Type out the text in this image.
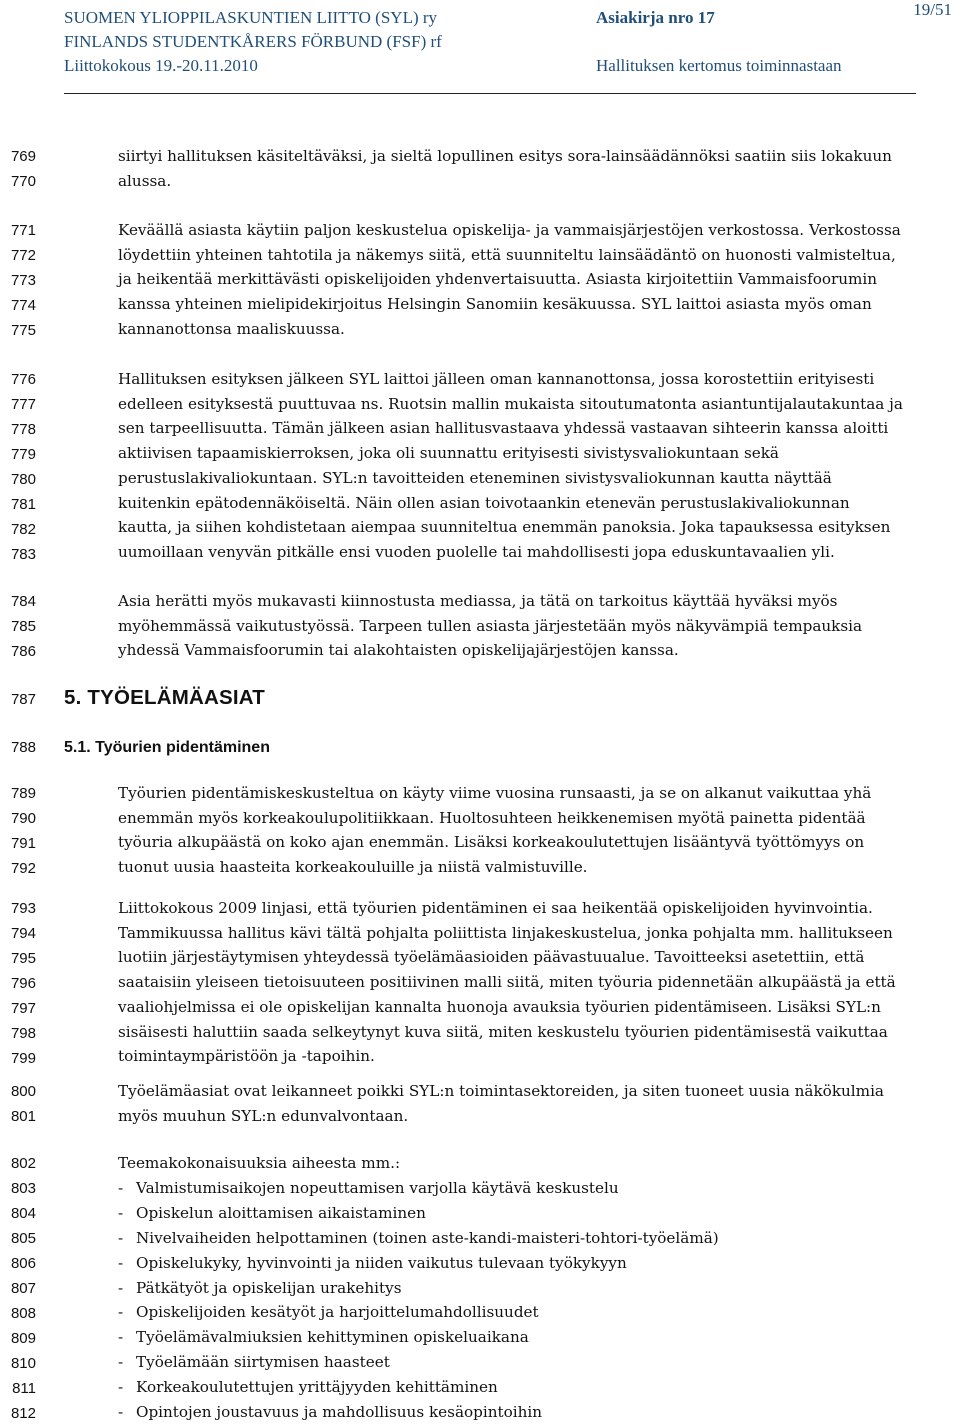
SUOMEN YLIOPPILASKUNTIEN LIITTO (SYL) ry
FINLANDS STUDENTKÅRERS FÖRBUND (FSF) rf
Liittokokous 19.-20.11.2010
Asiakirja nro 17

Hallituksen kertomus toiminnastaan
19/51
769
770
siirtyi hallituksen käsiteltäväksi, ja sieltä lopullinen esitys sora-lainsäädännöksi saatiin siis lokakuun
alussa.
771
772
773
774
775
Keväällä asiasta käytiin paljon keskustelua opiskelija- ja vammaisjärjestöjen verkostossa. Verkostossa
löydettiin yhteinen tahtotila ja näkemys siitä, että suunniteltu lainsäädäntö on huonosti valmisteltua,
ja heikentää merkittävästi opiskelijoiden yhdenvertaisuutta. Asiasta kirjoitettiin Vammaisfoorumin
kanssa yhteinen mielipidekirjoitus Helsingin Sanomiin kesäkuussa. SYL laittoi asiasta myös oman
kannanottonsa maaliskuussa.
776
777
778
779
780
781
782
783
Hallituksen esityksen jälkeen SYL laittoi jälleen oman kannanottonsa, jossa korostettiin erityisesti
edelleen esityksestä puuttuvaa ns. Ruotsin mallin mukaista sitoutumatonta asiantuntijalautakuntaa ja
sen tarpeellisuutta. Tämän jälkeen asian hallitusvastaava yhdessä vastaavan sihteerin kanssa aloitti
aktiivisen tapaamiskierroksen, joka oli suunnattu erityisesti sivistysvaliokuntaan sekä
perustuslakivaliokuntaan. SYL:n tavoitteiden eteneminen sivistysvaliokunnan kautta näyttää
kuitenkin epätodennäköiseltä. Näin ollen asian toivotaankin etenevän perustuslakivaliokunnan
kautta, ja siihen kohdistetaan aiempaa suunniteltua enemmän panoksia. Joka tapauksessa esityksen
uumoillaan venyvän pitkälle ensi vuoden puolelle tai mahdollisesti jopa eduskuntavaalien yli.
784
785
786
Asia herätti myös mukavasti kiinnostusta mediassa, ja tätä on tarkoitus käyttää hyväksi myös
myöhemmässä vaikutustyössä. Tarpeen tullen asiasta järjestetään myös näkyvämpiä tempauksia
yhdessä Vammaisfoorumin tai alakohtaisten opiskelijajärjestöjen kanssa.
787 5. TYÖELÄMÄASIAT
788 5.1. Työurien pidentäminen
789
790
791
792
Työurien pidentämiskeskusteltua on käyty viime vuosina runsaasti, ja se on alkanut vaikuttaa yhä
enemmän myös korkeakoulupolitiikkaan. Huoltosuhteen heikkenemisen myötä painetta pidentää
työuria alkupäästä on koko ajan enemmän. Lisäksi korkeakoulutettujen lisääntyvä työttömyys on
tuonut uusia haasteita korkeakouluille ja niistä valmistuville.
793
794
795
796
797
798
799
Liittokokous 2009 linjasi, että työurien pidentäminen ei saa heikentää opiskelijoiden hyvinvointia.
Tammikuussa hallitus kävi tältä pohjalta poliittista linjakeskustelua, jonka pohjalta mm. hallitukseen
luotiin järjestäytymisen yhteydessä työelämäasioiden päävastuualue. Tavoitteeksi asetettiin, että
saataisiin yleiseen tietoisuuteen positiivinen malli siitä, miten työuria pidennetään alkupäästä ja että
vaaliohjelmissa ei ole opiskelijan kannalta huonoja avauksia työurien pidentämiseen. Lisäksi SYL:n
sisäisesti haluttiin saada selkeytynyt kuva siitä, miten keskustelu työurien pidentämisestä vaikuttaa
toimintaympäristöön ja -tapoihin.
800
801
Työelämäasiat ovat leikanneet poikki SYL:n toimintasektoreiden, ja siten tuoneet uusia näkökulmia
myös muuhun SYL:n edunvalvontaan.
802
803
804
805
806
807
808
809
810
811
812
Teemakokonaisuuksia aiheesta mm.:
- Valmistumisaikojen nopeuttamisen varjolla käytävä keskustelu
- Opiskelun aloittamisen aikaistaminen
- Nivelvaiheiden helpottaminen (toinen aste-kandi-maisteri-tohtori-työelämä)
- Opiskelukyky, hyvinvointi ja niiden vaikutus tulevaan työkykyyn
- Pätkätyöt ja opiskelijan urakehitys
- Opiskelijoiden kesätyöt ja harjoittelumahdollisuudet
- Työelämävalmiuksien kehittyminen opiskeluaikana
- Työelämään siirtymisen haasteet
- Korkeakoulutettujen yrittäjyyden kehittäminen
- Opintojen joustavuus ja mahdollisuus kesäopintoihin
